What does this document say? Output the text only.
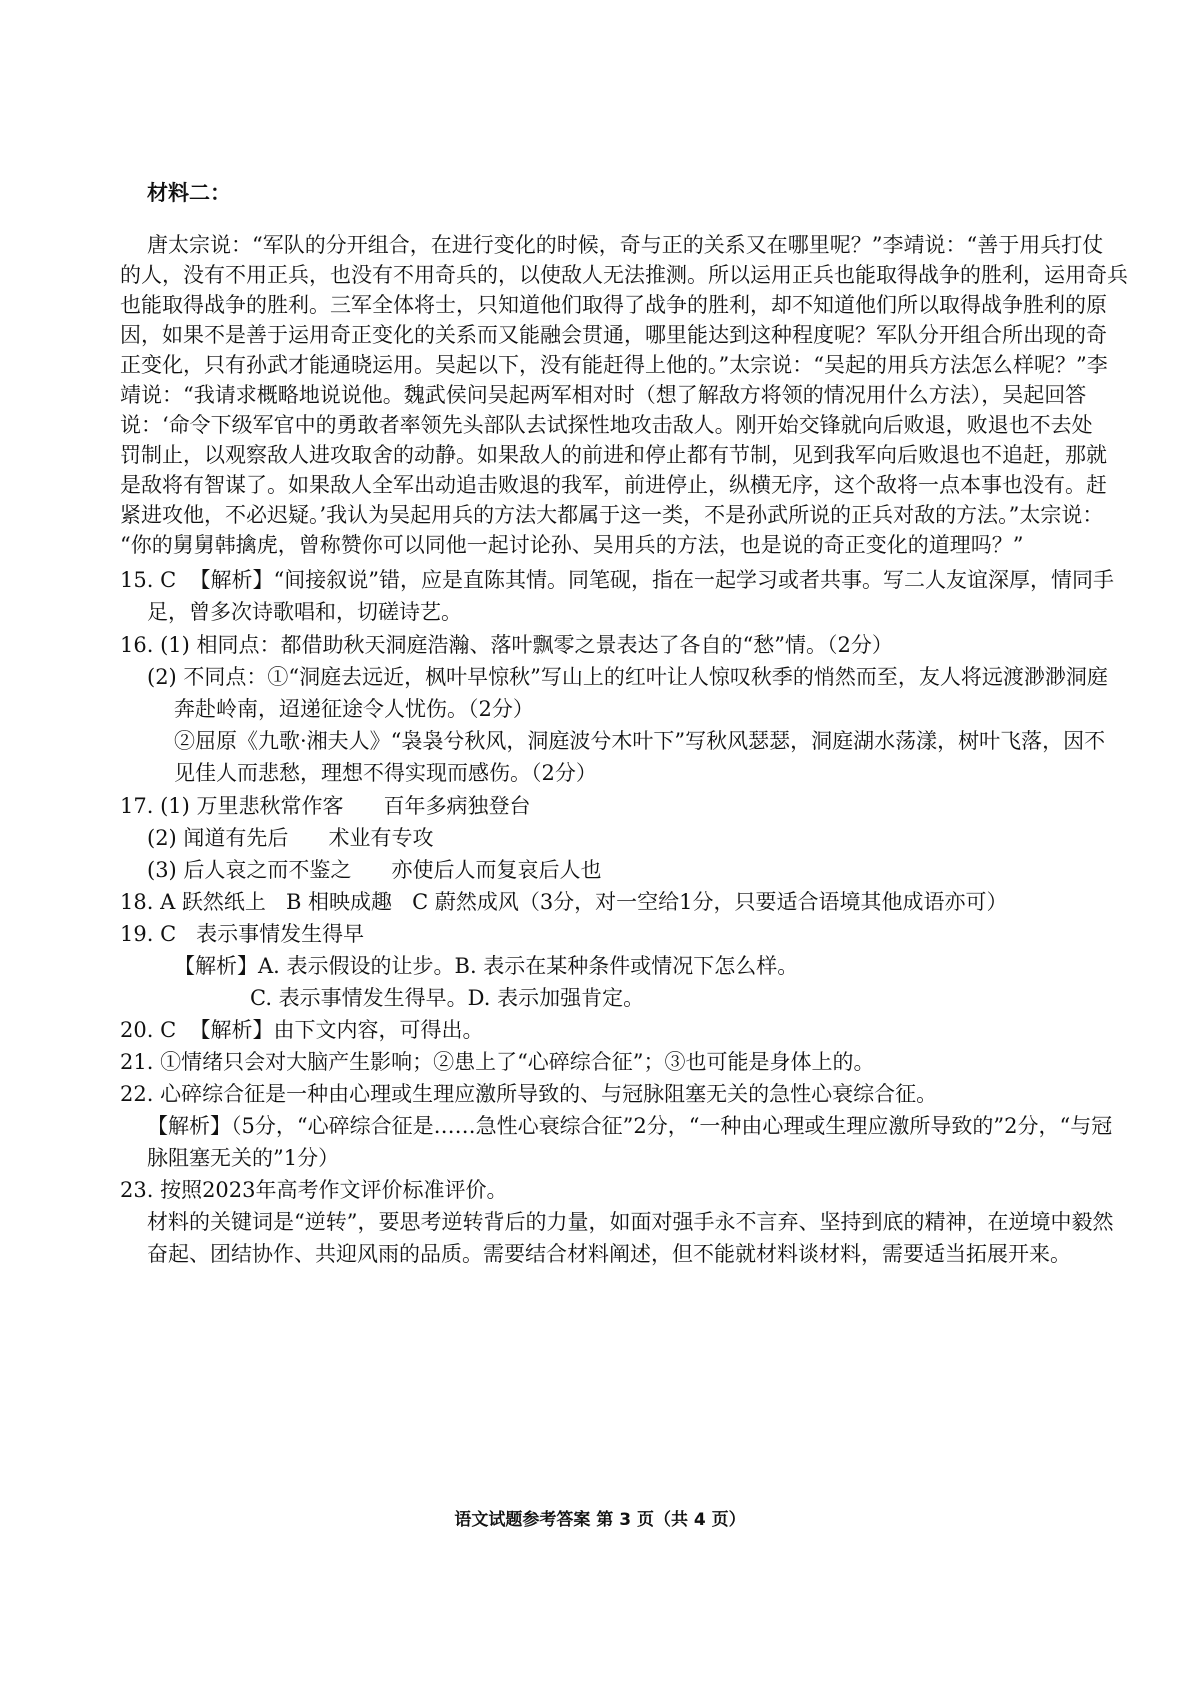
材料二：
唐太宗说：“军队的分开组合，在进行变化的时候，奇与正的关系又在哪里呢？”李靖说：“善于用兵打仗
的人，没有不用正兵，也没有不用奇兵的，以使敌人无法推测。所以运用正兵也能取得战争的胜利，运用奇兵
也能取得战争的胜利。三军全体将士，只知道他们取得了战争的胜利，却不知道他们所以取得战争胜利的原
因，如果不是善于运用奇正变化的关系而又能融会贯通，哪里能达到这种程度呢？军队分开组合所出现的奇
正变化，只有孙武才能通晓运用。吴起以下，没有能赶得上他的。”太宗说：“吴起的用兵方法怎么样呢？”李
靖说：“我请求概略地说说他。魏武侯问吴起两军相对时（想了解敌方将领的情况用什么方法），吴起回答
说：‘命令下级军官中的勇敢者率领先头部队去试探性地攻击敌人。刚开始交锋就向后败退，败退也不去处
罚制止，以观察敌人进攻取舍的动静。如果敌人的前进和停止都有节制，见到我军向后败退也不追赶，那就
是敌将有智谋了。如果敌人全军出动追击败退的我军，前进停止，纵横无序，这个敌将一点本事也没有。赶
紧进攻他，不必迟疑。’我认为吴起用兵的方法大都属于这一类，不是孙武所说的正兵对敌的方法。”太宗说：
“你的舅舅韩擒虎，曾称赞你可以同他一起讨论孙、吴用兵的方法，也是说的奇正变化的道理吗？”
15. C  【解析】“间接叙说”错，应是直陈其情。同笔砚，指在一起学习或者共事。写二人友谊深厚，情同手
足，曾多次诗歌唱和，切磋诗艺。
16. (1) 相同点：都借助秋天洞庭浩瀚、落叶飘零之景表达了各自的“愁”情。（2分）
(2) 不同点：①“洞庭去远近，枫叶早惊秋”写山上的红叶让人惊叹秋季的悄然而至，友人将远渡渺渺洞庭
奔赴岭南，迢递征途令人忧伤。（2分）
②屈原《九歌·湘夫人》“袅袅兮秋风，洞庭波兮木叶下”写秋风瑟瑟，洞庭湖水荡漾，树叶飞落，因不
见佳人而悲愁，理想不得实现而感伤。（2分）
17. (1) 万里悲秋常作客      百年多病独登台
(2) 闻道有先后      术业有专攻
(3) 后人哀之而不鉴之      亦使后人而复哀后人也
18. A 跃然纸上   B 相映成趣   C 蔚然成风（3分，对一空给1分，只要适合语境其他成语亦可）
19. C   表示事情发生得早
【解析】A. 表示假设的让步。B. 表示在某种条件或情况下怎么样。
C. 表示事情发生得早。D. 表示加强肯定。
20. C  【解析】由下文内容，可得出。
21. ①情绪只会对大脑产生影响；②患上了“心碎综合征”；③也可能是身体上的。
22. 心碎综合征是一种由心理或生理应激所导致的、与冠脉阻塞无关的急性心衰综合征。
【解析】（5分，“心碎综合征是……急性心衰综合征”2分，“一种由心理或生理应激所导致的”2分，“与冠
脉阻塞无关的”1分）
23. 按照2023年高考作文评价标准评价。
材料的关键词是“逆转”，要思考逆转背后的力量，如面对强手永不言弃、坚持到底的精神，在逆境中毅然
奋起、团结协作、共迎风雨的品质。需要结合材料阐述，但不能就材料谈材料，需要适当拓展开来。
语文试题参考答案 第 3 页（共 4 页）
